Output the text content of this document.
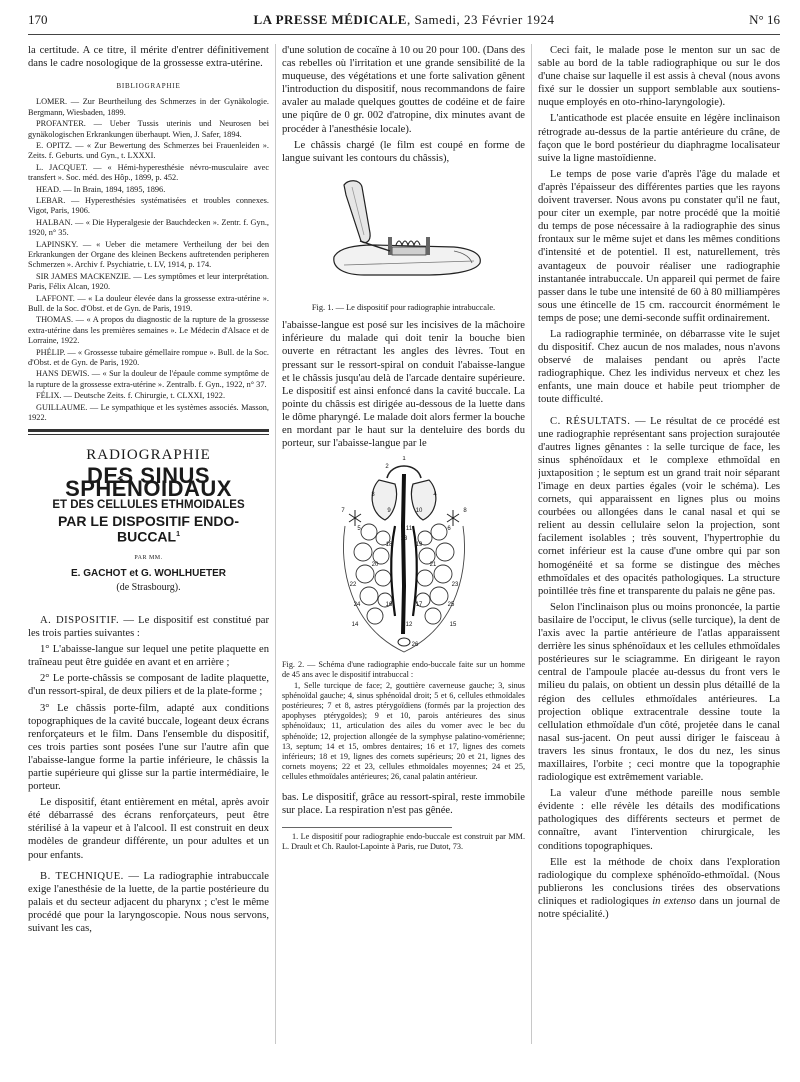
170	LA PRESSE MÉDICALE, Samedi, 23 Février 1924	N° 16

la certitude. A ce titre, il mérite d'entrer définitivement dans le cadre nosologique de la grossesse extra-utérine.

BIBLIOGRAPHIE

LOMER. — Zur Beurtheilung des Schmerzes in der Gynäkologie. Bergmann, Wiesbaden, 1899.

PROFANTER. — Ueber Tussis uterinis und Neurosen bei gynäkologischen Erkrankungen überhaupt. Wien, J. Safer, 1894.

E. OPITZ. — « Zur Bewertung des Schmerzes bei Frauenleiden ». Zeits. f. Geburts. und Gyn., t. LXXXI.

L. JACQUET. — « Hémi-hyperesthésie névro-musculaire avec transfert ». Soc. méd. des Hôp., 1899, p. 452.

HEAD. — In Brain, 1894, 1895, 1896.

LEBAR. — Hyperesthésies systématisées et troubles connexes. Vigot, Paris, 1906.

HALBAN. — « Die Hyperalgesie der Bauchdecken ». Zentr. f. Gyn., 1920, n° 35.

LAPINSKY. — « Ueber die metamere Vertheilung der bei den Erkrankungen der Organe des kleinen Beckens auftretenden peripheren Schmerzen ». Archiv f. Psychiatrie, t. LV, 1914, p. 174.

SIR JAMES MACKENZIE. — Les symptômes et leur interprétation. Paris, Félix Alcan, 1920.

LAFFONT. — « La douleur élevée dans la grossesse extra-utérine ». Bull. de la Soc. d'Obst. et de Gyn. de Paris, 1919.

THOMAS. — « A propos du diagnostic de la rupture de la grossesse extra-utérine dans les premières semaines ». Le Médecin d'Alsace et de Lorraine, 1922.

PHÉLIP. — « Grossesse tubaire gémellaire rompue ». Bull. de la Soc. d'Obst. et de Gyn. de Paris, 1920.

HANS DEWIS. — « Sur la douleur de l'épaule comme symptôme de la rupture de la grossesse extra-utérine ». Zentralb. f. Gyn., 1922, n° 37.

FÉLIX. — Deutsche Zeits. f. Chirurgie, t. CLXXI, 1922.

GUILLAUME. — Le sympathique et les systèmes associés. Masson, 1922.

RADIOGRAPHIE
DES SINUS SPHÉNOIDAUX
ET DES CELLULES ETHMOIDALES
PAR LE DISPOSITIF ENDO-BUCCAL$^1$
PAR MM.
E. GACHOT et G. WOHLHUETER
(de Strasbourg).

A. DISPOSITIF. — Le dispositif est constitué par les trois parties suivantes :

1° L'abaisse-langue sur lequel une petite plaquette en traîneau peut être guidée en avant et en arrière ;

2° Le porte-châssis se composant de ladite plaquette, d'un ressort-spiral, de deux piliers et de la plate-forme ;

3° Le châssis porte-film, adapté aux conditions topographiques de la cavité buccale, logeant deux écrans renforçateurs et le film. Dans l'ensemble du dispositif, ces trois parties sont posées l'une sur l'autre afin que l'abaisse-langue forme la partie inférieure, le châssis la partie supérieure qui glisse sur la partie intermédiaire, le porteur.

Le dispositif, étant entièrement en métal, après avoir été débarrassé des écrans renforçateurs, peut être stérilisé à la vapeur et à l'alcool. Il est construit en deux modèles de grandeur différente, un pour adultes et un pour enfants.

B. TECHNIQUE. — La radiographie intrabuccale exige l'anesthésie de la luette, de la partie postérieure du palais et du secteur adjacent du pharynx ; c'est le même procédé que pour la laryngoscopie. Nous nous servons, suivant les cas,

d'une solution de cocaïne à 10 ou 20 pour 100. (Dans des cas rebelles où l'irritation et une grande sensibilité de la muqueuse, des végétations et une forte salivation gênent l'introduction du dispositif, nous recommandons de faire avaler au malade quelques gouttes de codéine et de faire une piqûre de 0 gr. 002 d'atropine, dix minutes avant de procéder à l'anesthésie locale).

Le châssis chargé (le film est coupé en forme de langue suivant les contours du châssis),

Fig. 1. — Le dispositif pour radiographie intrabuccale.

l'abaisse-langue est posé sur les incisives de la mâchoire inférieure du malade qui doit tenir la bouche bien ouverte en rétractant les angles des lèvres. Tout en pressant sur le ressort-spiral on conduit l'abaisse-langue et le châssis jusqu'au delà de l'arcade dentaire supérieure. Le dispositif est ainsi enfoncé dans la cavité buccale. La pointe du châssis est dirigée au-dessous de la luette dans le dôme pharyngé. Le malade doit alors fermer la bouche en mordant par le haut sur la denteluire des bords du porteur, sur l'abaisse-langue par le

1
2
3	4
5	6
7	8
9	10
11
12
13
14	15
16	17
18	19
20	21
22	23
24	25
26
Fig. 2. — Schéma d'une radiographie endo-buccale faite sur un homme de 45 ans avec le dispositif intrabuccal :
1, Selle turcique de face; 2, gouttière caverneuse gauche; 3, sinus sphénoïdal gauche; 4, sinus sphénoïdal droit; 5 et 6, cellules ethmoïdales postérieures; 7 et 8, astres ptérygoïdiens (formés par la projection des apophyses ptérygoïdes); 9 et 10, parois antérieures des sinus sphénoïdaux; 11, articulation des ailes du vomer avec le bec du sphénoïde; 12, projection allongée de la symphyse palatino-vomérienne; 13, septum; 14 et 15, ombres dentaires; 16 et 17, lignes des cornets inférieurs; 18 et 19, lignes des cornets supérieurs; 20 et 21, lignes des cornets moyens; 22 et 23, cellules ethmoïdales moyennes; 24 et 25, cellules ethmoïdales antérieures; 26, canal palatin antérieur.

bas. Le dispositif, grâce au ressort-spiral, reste immobile sur place. La respiration n'est pas gênée.

1. Le dispositif pour radiographie endo-buccale est construit par MM. L. Drault et Ch. Raulot-Lapointe à Paris, rue Dutot, 73.

Ceci fait, le malade pose le menton sur un sac de sable au bord de la table radiographique ou sur le dos d'une chaise sur laquelle il est assis à cheval (nous avons fixé sur le dossier un support semblable aux soutiens-nuque employés en oto-rhino-laryngologie).

L'anticathode est placée ensuite en légère inclinaison rétrograde au-dessus de la partie antérieure du crâne, de façon que le bord postérieur du diaphragme localisateur suive la ligne mastoïdienne.

Le temps de pose varie d'après l'âge du malade et d'après l'épaisseur des différentes parties que les rayons doivent traverser. Nous avons pu constater qu'il ne faut, pour citer un exemple, par notre procédé que la moitié du temps de pose nécessaire à la radiographie des sinus frontaux sur le même sujet et dans les mêmes conditions d'intensité et de potentiel. Il est, naturellement, très avantageux de pouvoir réaliser une radiographie instantanée intrabuccale. Un appareil qui permet de faire passer dans le tube une intensité de 60 à 80 milliampères sous une étincelle de 15 cm. raccourcit énormément le temps de pose; une demi-seconde suffit ordinairement.

La radiographie terminée, on débarrasse vite le sujet du dispositif. Chez aucun de nos malades, nous n'avons observé de malaises pendant ou après l'acte radiographique. Chez les individus nerveux et chez les enfants, une main douce et habile peut triompher de toute difficulté.

C. RÉSULTATS. — Le résultat de ce procédé est une radiographie représentant sans projection surajoutée d'autres lignes gênantes : la selle turcique de face, les sinus sphénoïdaux et le complexe ethmoïdal en juxtaposition ; le septum est un grand trait noir séparant l'image en deux parties égales (voir le schéma). Les cornets, qui apparaissent en lignes plus ou moins courbées ou allongées dans le canal nasal et qui se relient au dessin cellulaire selon la projection, sont facilement isolables ; très souvent, l'hypertrophie du cornet inférieur est la cause d'une ombre qui par son homogénéité et sa forme se distingue des mèches ethmoïdales et des opacités pathologiques. La structure pointillée très fine et transparente du palais ne gêne pas.

Selon l'inclinaison plus ou moins prononcée, la partie basilaire de l'occiput, le clivus (selle turcique), la dent de l'axis avec la partie antérieure de l'atlas apparaissent derrière les sinus sphénoïdaux et les cellules ethmoïdales postérieures sur le sciagramme. En dirigeant le rayon central de l'ampoule placée au-dessus du front vers le milieu du palais, on obtient un dessin plus détaillé de la région des cellules ethmoïdales antérieures. La projection oblique extracentrale dessine toute la cellulation ethmoïdale d'un côté, projetée dans le canal nasal sus-jacent. On peut aussi diriger le faisceau à travers les sinus frontaux, le dos du nez, les sinus maxillaires, l'orbite ; ceci montre que la topographie radiologique est extrêmement variable.

La valeur d'une méthode pareille nous semble évidente : elle révèle les détails des modifications pathologiques des différents secteurs et permet de connaître, avant l'intervention chirurgicale, les conditions topographiques.

Elle est la méthode de choix dans l'exploration radiologique du complexe sphénoïdo-ethmoïdal. (Nous publierons les conclusions tirées des observations cliniques et radiologiques in extenso dans un journal de notre spécialité.)
